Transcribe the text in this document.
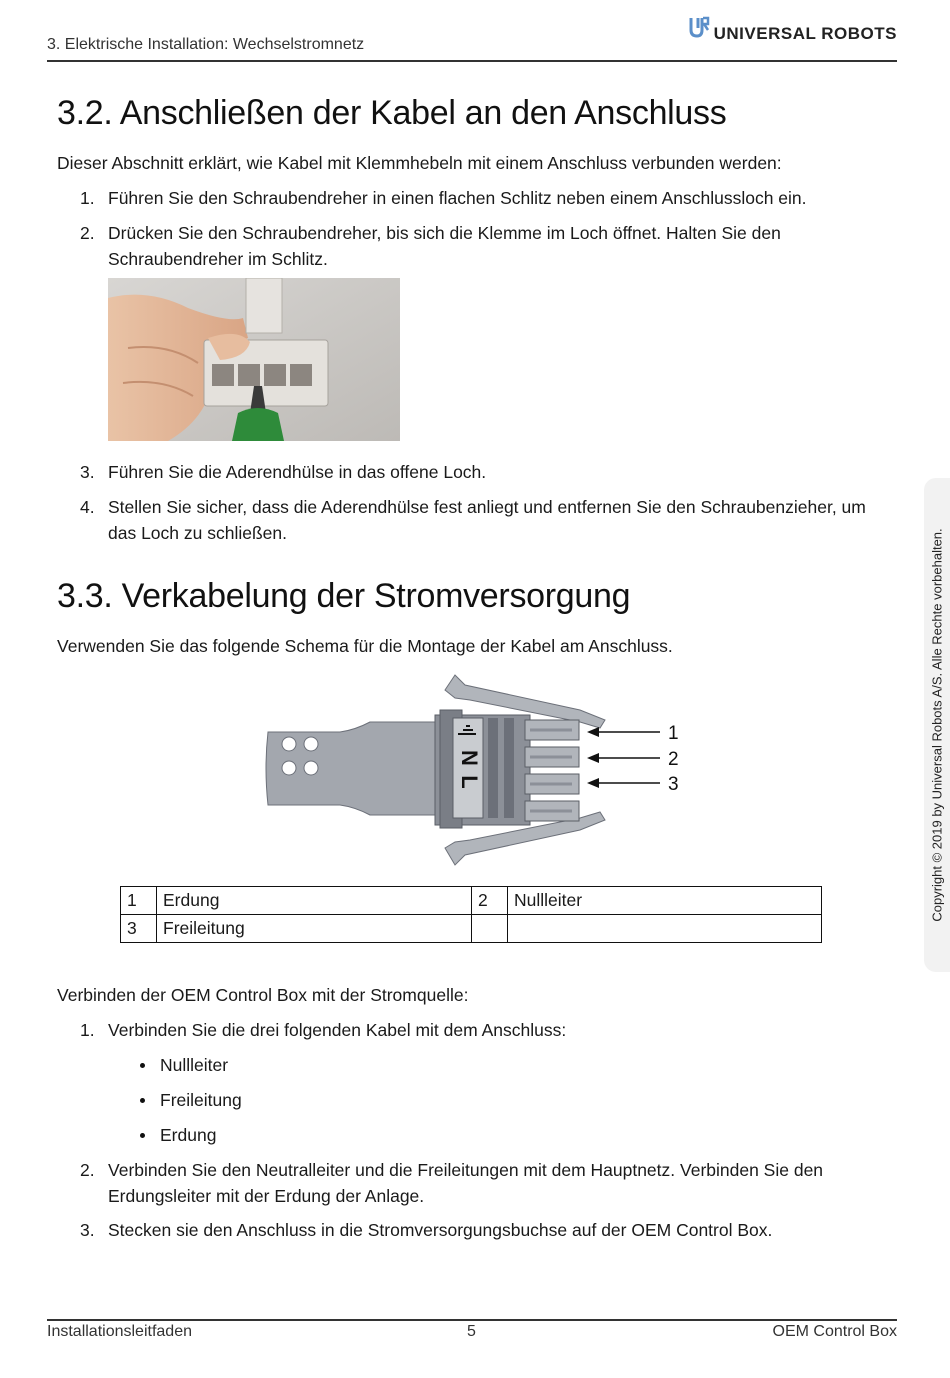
3. Elektrische Installation: Wechselstromnetz
UNIVERSAL ROBOTS
3.2. Anschließen der Kabel an den Anschluss
Dieser Abschnitt erklärt, wie Kabel mit Klemmhebeln mit einem Anschluss verbunden werden:
1. Führen Sie den Schraubendreher in einen flachen Schlitz neben einem Anschlussloch ein.
2. Drücken Sie den Schraubendreher, bis sich die Klemme im Loch öffnet. Halten Sie den Schraubendreher im Schlitz.
3. Führen Sie die Aderendhülse in das offene Loch.
4. Stellen Sie sicher, dass die Aderendhülse fest anliegt und entfernen Sie den Schraubenzieher, um das Loch zu schließen.
3.3. Verkabelung der Stromversorgung
Verwenden Sie das folgende Schema für die Montage der Kabel am Anschluss.
N
L
1
2
3
1	Erdung	2	Nullleiter
3	Freileitung		
Verbinden der OEM Control Box mit der Stromquelle:
1. Verbinden Sie die drei folgenden Kabel mit dem Anschluss:
Nullleiter
Freileitung
Erdung
2. Verbinden Sie den Neutralleiter und die Freileitungen mit dem Hauptnetz. Verbinden Sie den Erdungsleiter mit der Erdung der Anlage.
3. Stecken sie den Anschluss in die Stromversorgungsbuchse auf der OEM Control Box.
Copyright © 2019 by Universal Robots A/S. Alle Rechte vorbehalten.
Installationsleitfaden	5	OEM Control Box
